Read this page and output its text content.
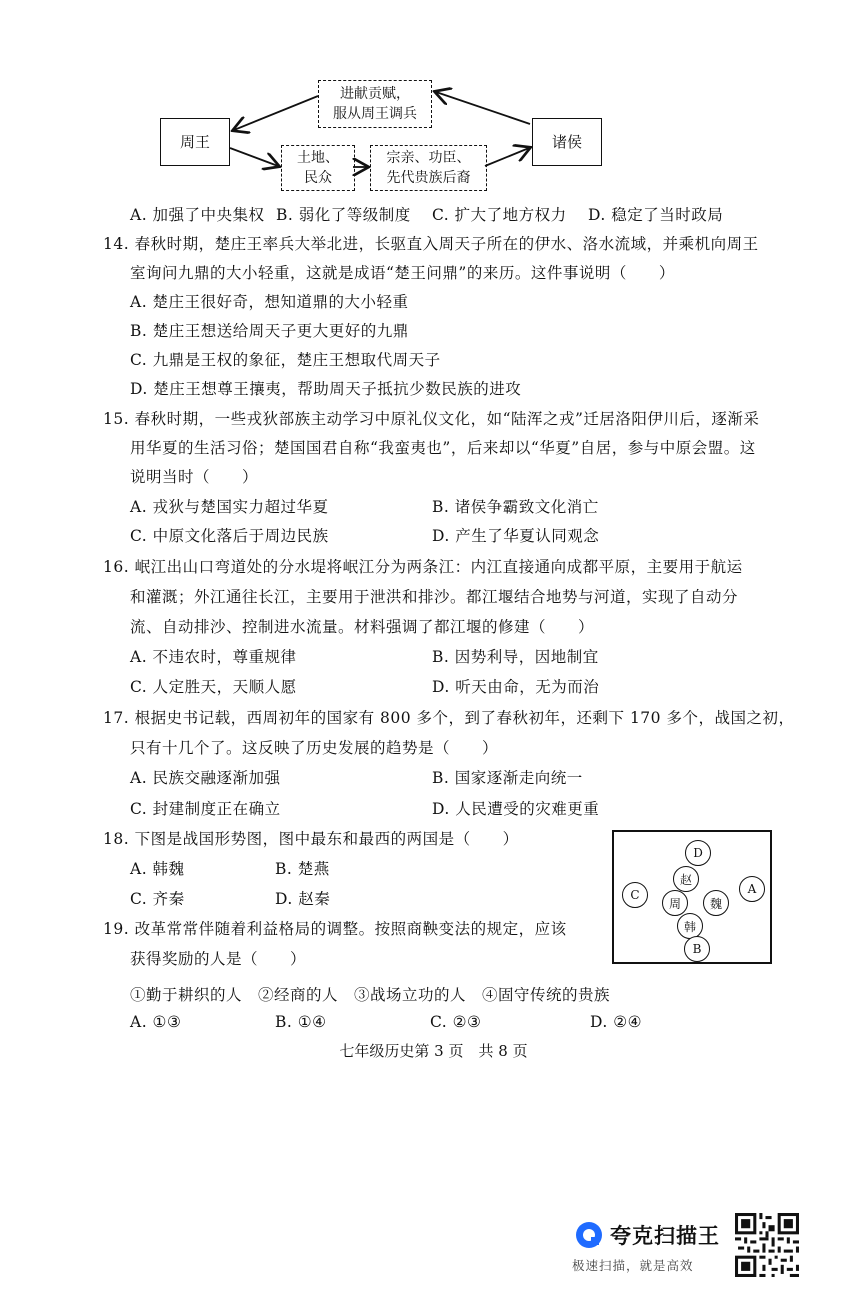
周王	诸侯
进献贡赋，
服从周王调兵
土地、
民众
宗亲、功臣、
先代贵族后裔
A. 加强了中央集权 B. 弱化了等级制度 C. 扩大了地方权力 D. 稳定了当时政局
14. 春秋时期，楚庄王率兵大举北进，长驱直入周天子所在的伊水、洛水流域，并乘机向周王
室询问九鼎的大小轻重，这就是成语“楚王问鼎”的来历。这件事说明（　　）
A. 楚庄王很好奇，想知道鼎的大小轻重
B. 楚庄王想送给周天子更大更好的九鼎
C. 九鼎是王权的象征，楚庄王想取代周天子
D. 楚庄王想尊王攘夷，帮助周天子抵抗少数民族的进攻
15. 春秋时期，一些戎狄部族主动学习中原礼仪文化，如“陆浑之戎”迁居洛阳伊川后，逐渐采
用华夏的生活习俗；楚国国君自称“我蛮夷也”，后来却以“华夏”自居，参与中原会盟。这
说明当时（　　）
A. 戎狄与楚国实力超过华夏	B. 诸侯争霸致文化消亡
C. 中原文化落后于周边民族	D. 产生了华夏认同观念
16. 岷江出山口弯道处的分水堤将岷江分为两条江：内江直接通向成都平原，主要用于航运
和灌溉；外江通往长江，主要用于泄洪和排沙。都江堰结合地势与河道，实现了自动分
流、自动排沙、控制进水流量。材料强调了都江堰的修建（　　）
A. 不违农时，尊重规律	B. 因势利导，因地制宜
C. 人定胜天，天顺人愿	D. 听天由命，无为而治
17. 根据史书记载，西周初年的国家有 800 多个，到了春秋初年，还剩下 170 多个，战国之初，
只有十几个了。这反映了历史发展的趋势是（　　）
A. 民族交融逐渐加强	B. 国家逐渐走向统一
C. 封建制度正在确立	D. 人民遭受的灾难更重
18. 下图是战国形势图，图中最东和最西的两国是（　　）
A. 韩魏	B. 楚燕
C. 齐秦	D. 赵秦
D
赵
C
周	魏
A
韩
B
19. 改革常常伴随着利益格局的调整。按照商鞅变法的规定，应该
获得奖励的人是（　　）
①勤于耕织的人　②经商的人　③战场立功的人　④固守传统的贵族
A. ①③	B. ①④	C. ②③	D. ②④
七年级历史第 3 页　共 8 页
夸克扫描王
极速扫描，就是高效
